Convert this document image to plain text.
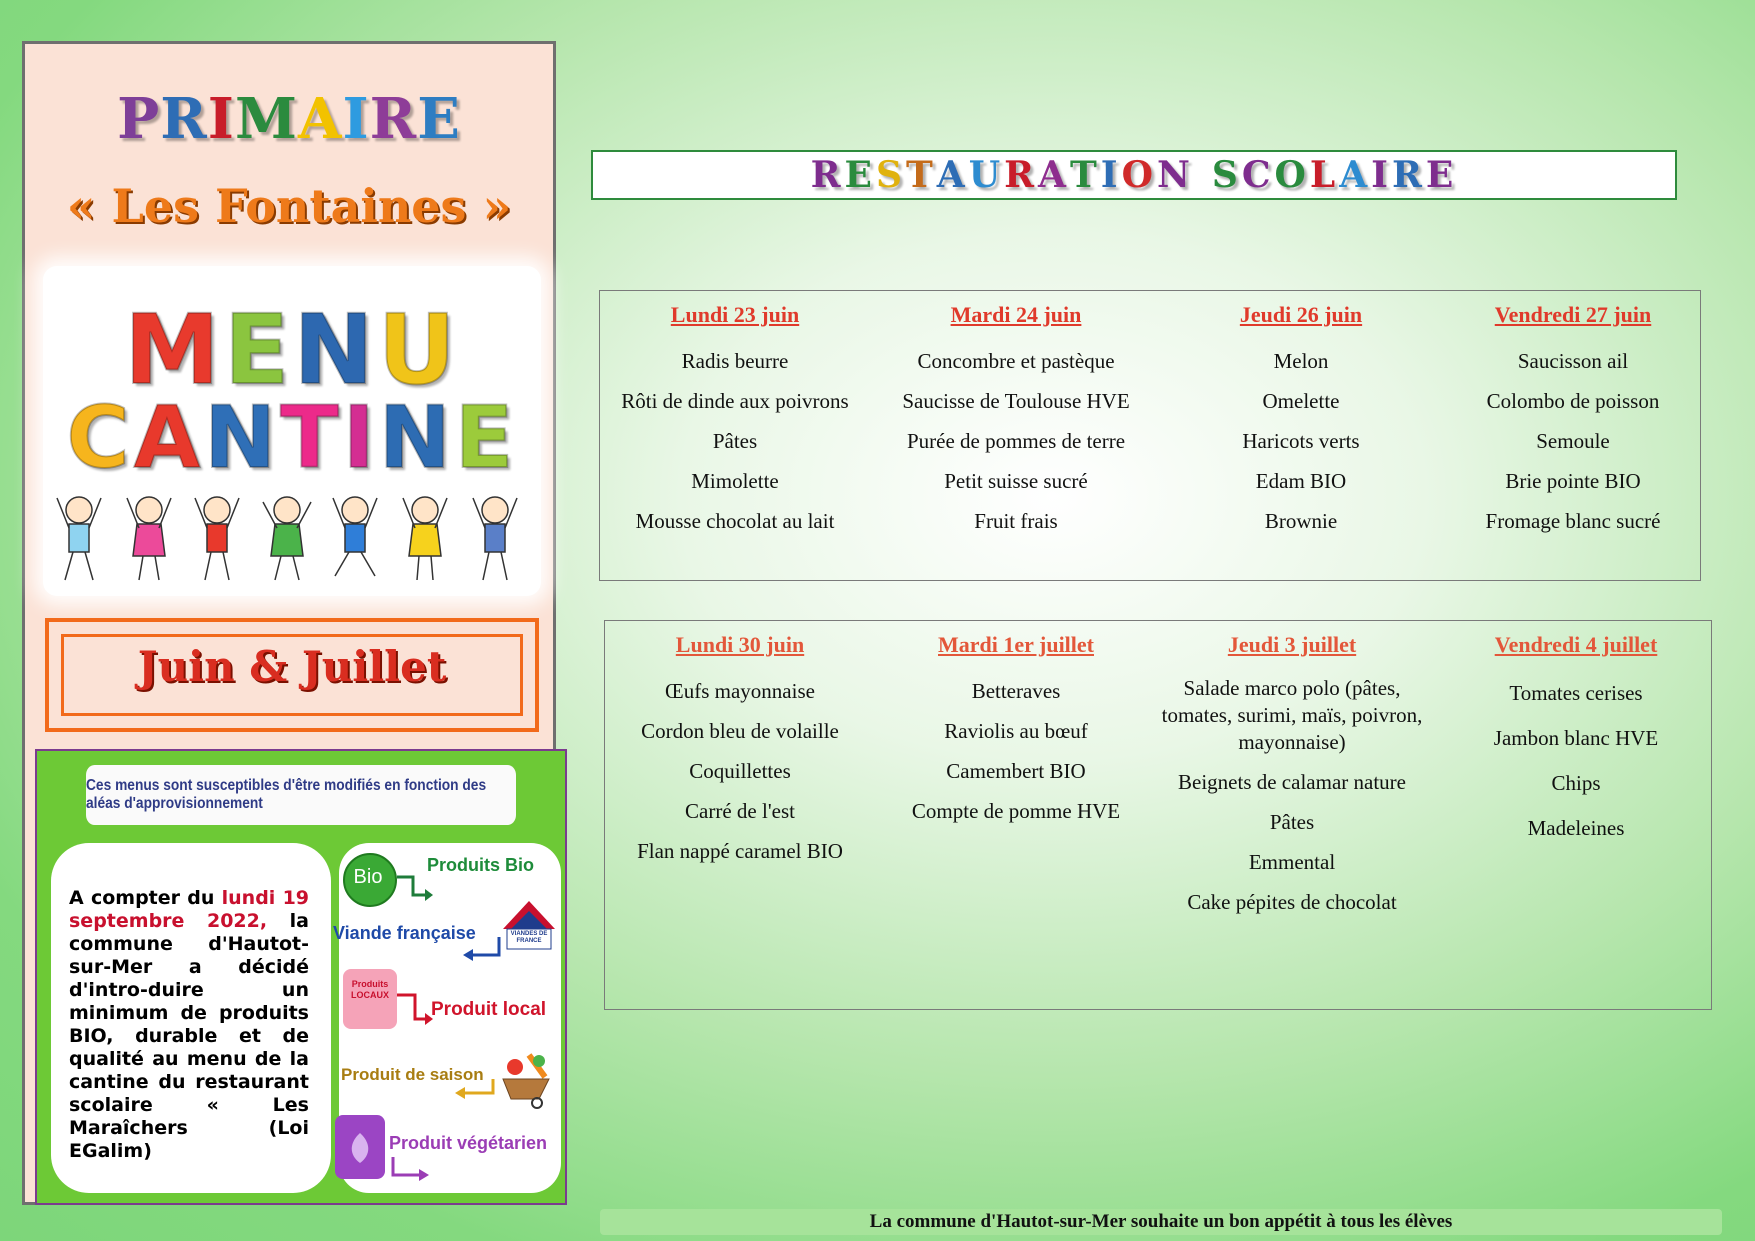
PRIMAIRE
« Les Fontaines »
MENU
CANTINE
Juin & Juillet
Ces menus sont susceptibles d'être modifiés en fonction des aléas d'approvisionnement
A compter du lundi 19 septembre 2022, la commune d'Hautot-sur-Mer a décidé d'intro-duire un minimum de produits BIO, durable et de qualité au menu de la cantine du restaurant scolaire « Les Maraîchers (Loi EGalim)
Bio
Produits Bio
Viande française	VIANDES DE FRANCE
Produits LOCAUX
Produit local
Produit de saison
Produit végétarien
RESTAURATION SCOLAIRE
Lundi 23 juin
Radis beurre
Rôti de dinde aux poivrons
Pâtes
Mimolette
Mousse chocolat au lait
Mardi 24 juin
Concombre et pastèque
Saucisse de Toulouse HVE
Purée de pommes de terre
Petit suisse sucré
Fruit frais
Jeudi 26 juin
Melon
Omelette
Haricots verts
Edam BIO
Brownie
Vendredi 27 juin
Saucisson ail
Colombo de poisson
Semoule
Brie pointe BIO
Fromage blanc sucré
Lundi 30 juin
Œufs mayonnaise
Cordon bleu de volaille
Coquillettes
Carré de l'est
Flan nappé caramel BIO
Mardi 1er juillet
Betteraves
Raviolis au bœuf
Camembert BIO
Compte de pomme HVE
Jeudi 3 juillet
Salade marco polo (pâtes, tomates, surimi, maïs, poivron, mayonnaise)
Beignets de calamar nature
Pâtes
Emmental
Cake pépites de chocolat
Vendredi 4 juillet
Tomates cerises
Jambon blanc HVE
Chips
Madeleines
La commune d'Hautot-sur-Mer souhaite un bon appétit à tous les élèves
